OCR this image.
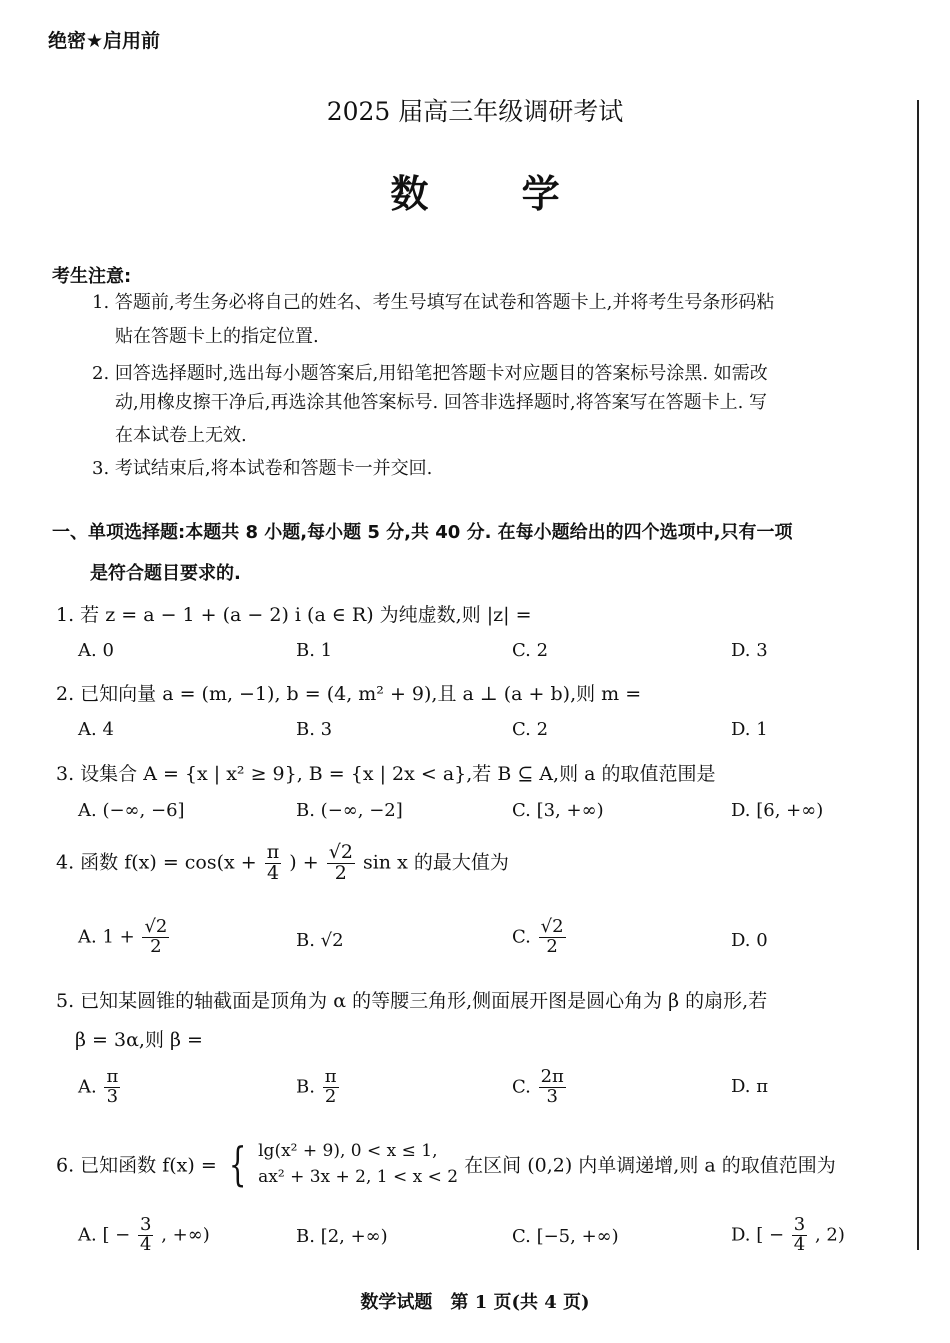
绝密★启用前
2025 届高三年级调研考试
数 学
考生注意:
1. 答题前,考生务必将自己的姓名、考生号填写在试卷和答题卡上,并将考生号条形码粘
贴在答题卡上的指定位置.
2. 回答选择题时,选出每小题答案后,用铅笔把答题卡对应题目的答案标号涂黑. 如需改
动,用橡皮擦干净后,再选涂其他答案标号. 回答非选择题时,将答案写在答题卡上. 写
在本试卷上无效.
3. 考试结束后,将本试卷和答题卡一并交回.
一、单项选择题:本题共 8 小题,每小题 5 分,共 40 分. 在每小题给出的四个选项中,只有一项
是符合题目要求的.
1. 若 z = a − 1 + (a − 2) i (a ∈ R) 为纯虚数,则 |z| =
A. 0	B. 1	C. 2	D. 3
2. 已知向量 a = (m, −1), b = (4, m² + 9),且 a ⊥ (a + b),则 m =
A. 4	B. 3	C. 2	D. 1
3. 设集合 A = {x | x² ≥ 9}, B = {x | 2x < a},若 B ⊆ A,则 a 的取值范围是
A. (−∞, −6]	B. (−∞, −2]	C. [3, +∞)	D. [6, +∞)
4. 函数 $f(x) = \cos(x + \frac{\pi}{4}$ ) + $\frac{√2}{2}$ sin x 的最大值为
A. $1 + \frac{√2}{2}$	B. √2	C. $\frac{√2}{2}$	D. 0
5. 已知某圆锥的轴截面是顶角为 α 的等腰三角形,侧面展开图是圆心角为 β 的扇形,若
β = 3α,则 β =
A. $\frac{\pi}{3}$	B. $\frac{\pi}{2}$	C. $\frac{2\pi}{3}$	D. π
6. 已知函数 f(x) = { lg(x² + 9), 0 < x ≤ 1,
ax² + 3x + 2, 1 < x < 2
在区间 (0,2) 内单调递增,则 a 的取值范围为
A. [ − $\frac{3}{4}$ , +∞)	B. [2, +∞)	C. [−5, +∞)	D. [ − $\frac{3}{4}$ , 2)
数学试题　第 1 页(共 4 页)
